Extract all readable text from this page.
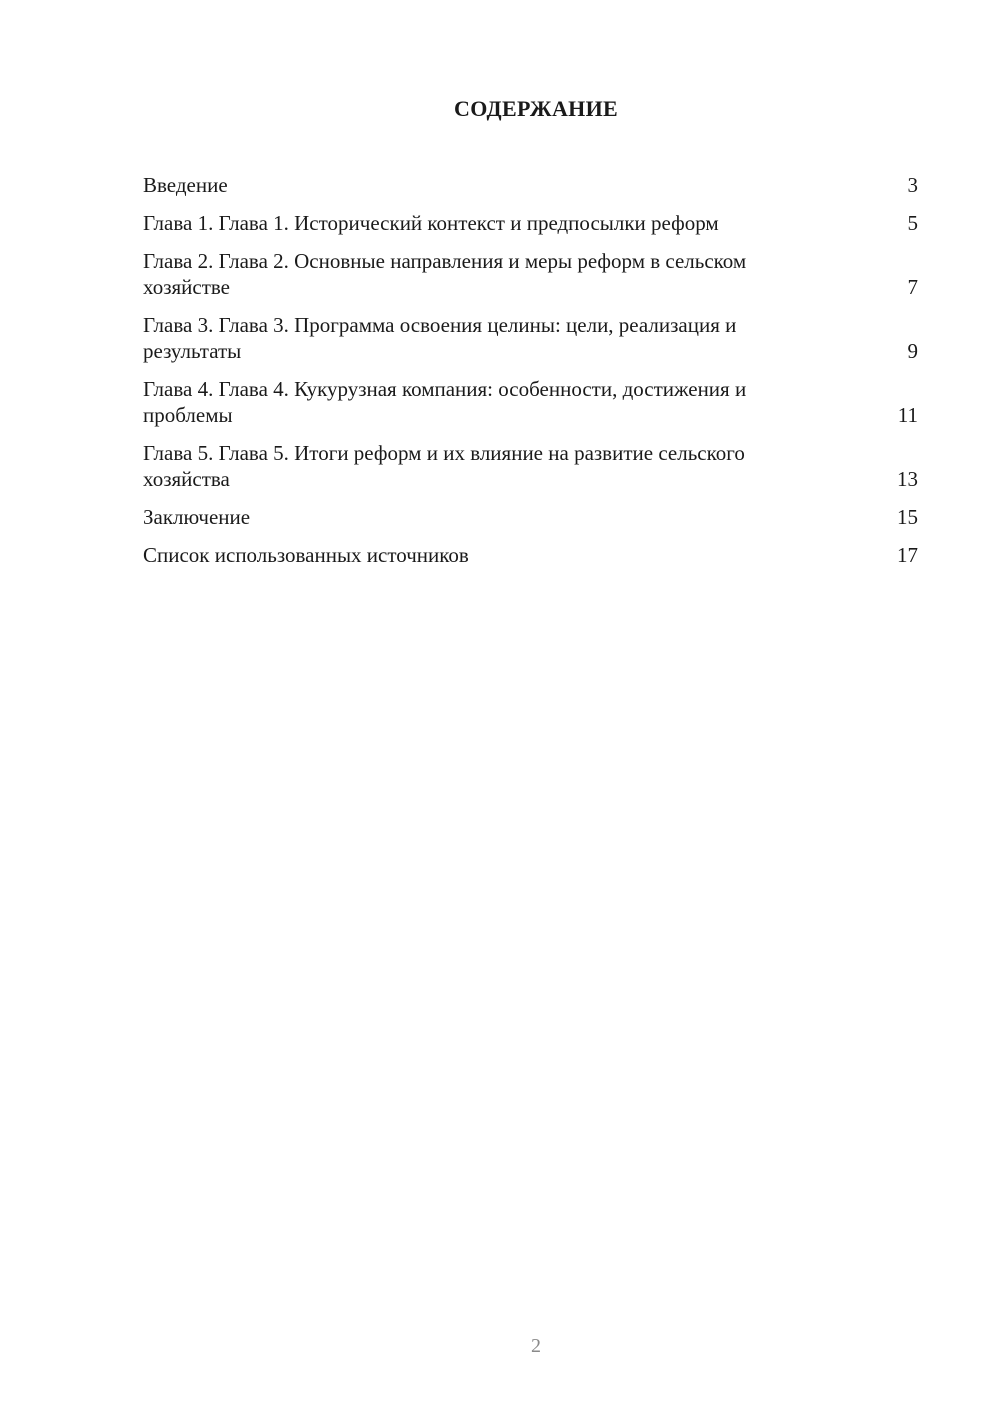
СОДЕРЖАНИЕ
Введение	3
Глава 1. Глава 1. Исторический контекст и предпосылки реформ	5
Глава 2. Глава 2. Основные направления и меры реформ в сельском хозяйстве	7
Глава 3. Глава 3. Программа освоения целины: цели, реализация и результаты	9
Глава 4. Глава 4. Кукурузная компания: особенности, достижения и проблемы	11
Глава 5. Глава 5. Итоги реформ и их влияние на развитие сельского хозяйства	13
Заключение	15
Список использованных источников	17
2
